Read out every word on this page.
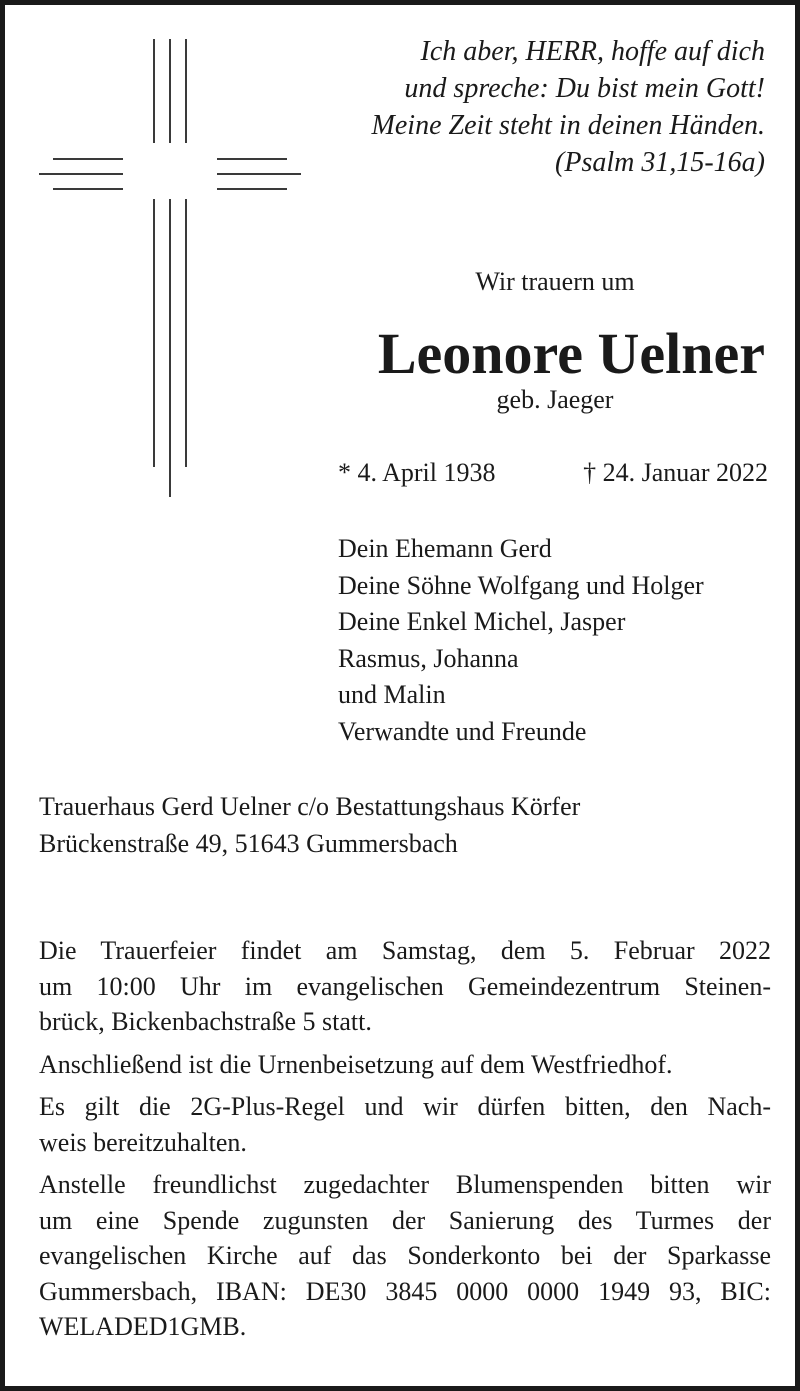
Ich aber, HERR, hoffe auf dich
und spreche: Du bist mein Gott!
Meine Zeit steht in deinen Händen.
(Psalm 31,15-16a)
Wir trauern um
Leonore Uelner
geb. Jaeger
* 4. April 1938	† 24. Januar 2022
Dein Ehemann Gerd
Deine Söhne Wolfgang und Holger
Deine Enkel Michel, Jasper
Rasmus, Johanna
und Malin
Verwandte und Freunde
Trauerhaus Gerd Uelner c/o Bestattungshaus Körfer
Brückenstraße 49, 51643 Gummersbach

Die Trauerfeier findet am Samstag, dem 5. Februar 2022
um 10:00 Uhr im evangelischen Gemeindezentrum Steinen-
brück, Bickenbachstraße 5 statt.

Anschließend ist die Urnenbeisetzung auf dem Westfriedhof.

Es gilt die 2G-Plus-Regel und wir dürfen bitten, den Nach-
weis bereitzuhalten.

Anstelle freundlichst zugedachter Blumenspenden bitten wir
um eine Spende zugunsten der Sanierung des Turmes der
evangelischen Kirche auf das Sonderkonto bei der Sparkasse
Gummersbach, IBAN: DE30 3845 0000 0000 1949 93, BIC:
WELADED1GMB.
